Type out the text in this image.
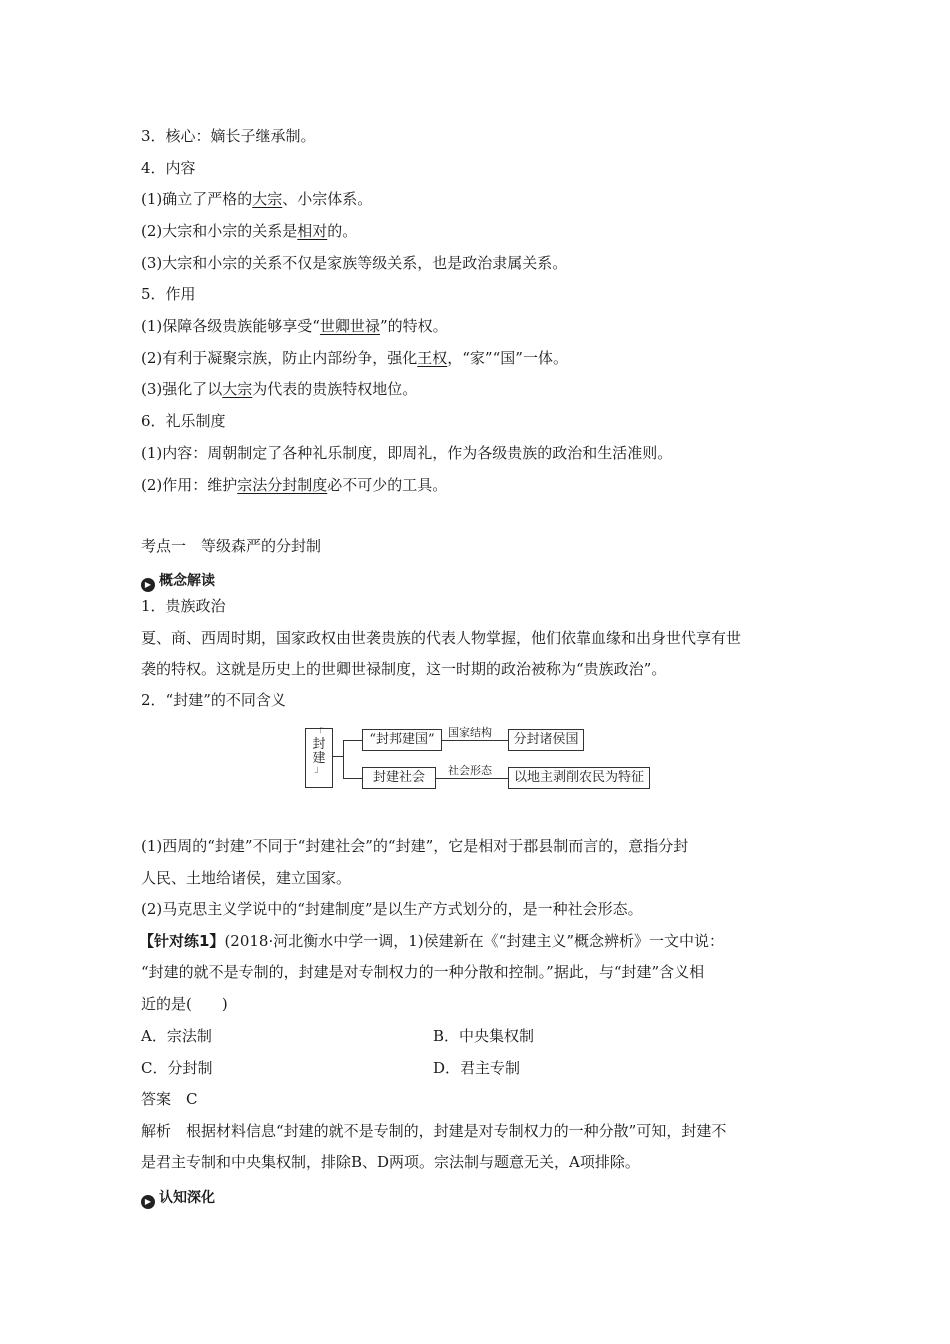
3．核心：嫡长子继承制。
4．内容
(1)确立了严格的大宗、小宗体系。
(2)大宗和小宗的关系是相对的。
(3)大宗和小宗的关系不仅是家族等级关系，也是政治隶属关系。
5．作用
(1)保障各级贵族能够享受“世卿世禄”的特权。
(2)有利于凝聚宗族，防止内部纷争，强化王权，“家”“国”一体。
(3)强化了以大宗为代表的贵族特权地位。
6．礼乐制度
(1)内容：周朝制定了各种礼乐制度，即周礼，作为各级贵族的政治和生活准则。
(2)作用：维护宗法分封制度必不可少的工具。
考点一　等级森严的分封制
▶ 概念解读
1．贵族政治
夏、商、西周时期，国家政权由世袭贵族的代表人物掌握，他们依靠血缘和出身世代享有世
袭的特权。这就是历史上的世卿世禄制度，这一时期的政治被称为“贵族政治”。
2．“封建”的不同含义
「
封
建
」
“封邦建国”	国家结构	分封诸侯国
封建社会	社会形态	以地主剥削农民为特征
(1)西周的“封建”不同于“封建社会”的“封建”，它是相对于郡县制而言的，意指分封
人民、土地给诸侯，建立国家。
(2)马克思主义学说中的“封建制度”是以生产方式划分的，是一种社会形态。
【针对练1】(2018·河北衡水中学一调，1)侯建新在《“封建主义”概念辨析》一文中说：
“封建的就不是专制的，封建是对专制权力的一种分散和控制。”据此，与“封建”含义相
近的是(　　)
A．宗法制	B．中央集权制
C．分封制	D．君主专制
答案　C
解析　根据材料信息“封建的就不是专制的，封建是对专制权力的一种分散”可知，封建不
是君主专制和中央集权制，排除B、D两项。宗法制与题意无关，A项排除。
▶ 认知深化
